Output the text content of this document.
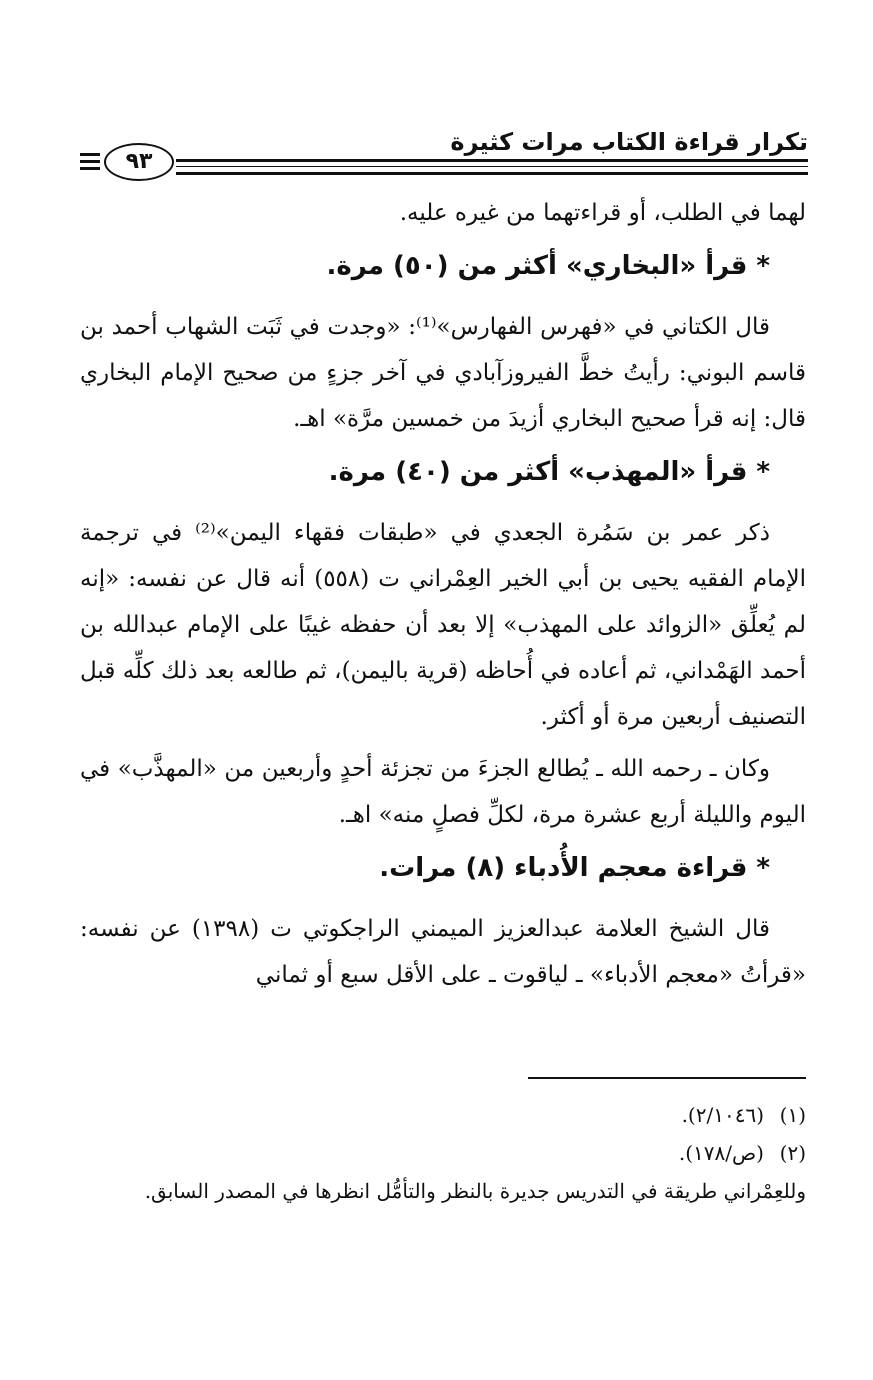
تكرار قراءة الكتاب مرات كثيرة
٩٣

لهما في الطلب، أو قراءتهما من غيره عليه.

* قرأ «البخاري» أكثر من (٥٠) مرة.

قال الكتاني في «فهرس الفهارس»⁽¹⁾: «وجدت في ثَبَت الشهاب أحمد بن قاسم البوني: رأيتُ خطَّ الفيروزآبادي في آخر جزءٍ من صحيح الإمام البخاري قال: إنه قرأ صحيح البخاري أزيدَ من خمسين مرَّة» اهـ.

* قرأ «المهذب» أكثر من (٤٠) مرة.

ذكر عمر بن سَمُرة الجعدي في «طبقات فقهاء اليمن»⁽²⁾ في ترجمة الإمام الفقيه يحيى بن أبي الخير العِمْراني ت (٥٥٨) أنه قال عن نفسه: «إنه لم يُعلِّق «الزوائد على المهذب» إلا بعد أن حفظه غيبًا على الإمام عبدالله بن أحمد الهَمْداني، ثم أعاده في أُحاظه (قرية باليمن)، ثم طالعه بعد ذلك كلِّه قبل التصنيف أربعين مرة أو أكثر.

وكان ـ رحمه الله ـ يُطالع الجزءَ من تجزئة أحدٍ وأربعين من «المهذَّب» في اليوم والليلة أربع عشرة مرة، لكلِّ فصلٍ منه» اهـ.

* قراءة معجم الأُدباء (٨) مرات.

قال الشيخ العلامة عبدالعزيز الميمني الراجكوتي ت (١٣٩٨) عن نفسه: «قرأتُ «معجم الأدباء» ـ لياقوت ـ على الأقل سبع أو ثماني

(١)(٢/١٠٤٦).

(٢)(ص/١٧٨).

وللعِمْراني طريقة في التدريس جديرة بالنظر والتأمُّل انظرها في المصدر السابق.
